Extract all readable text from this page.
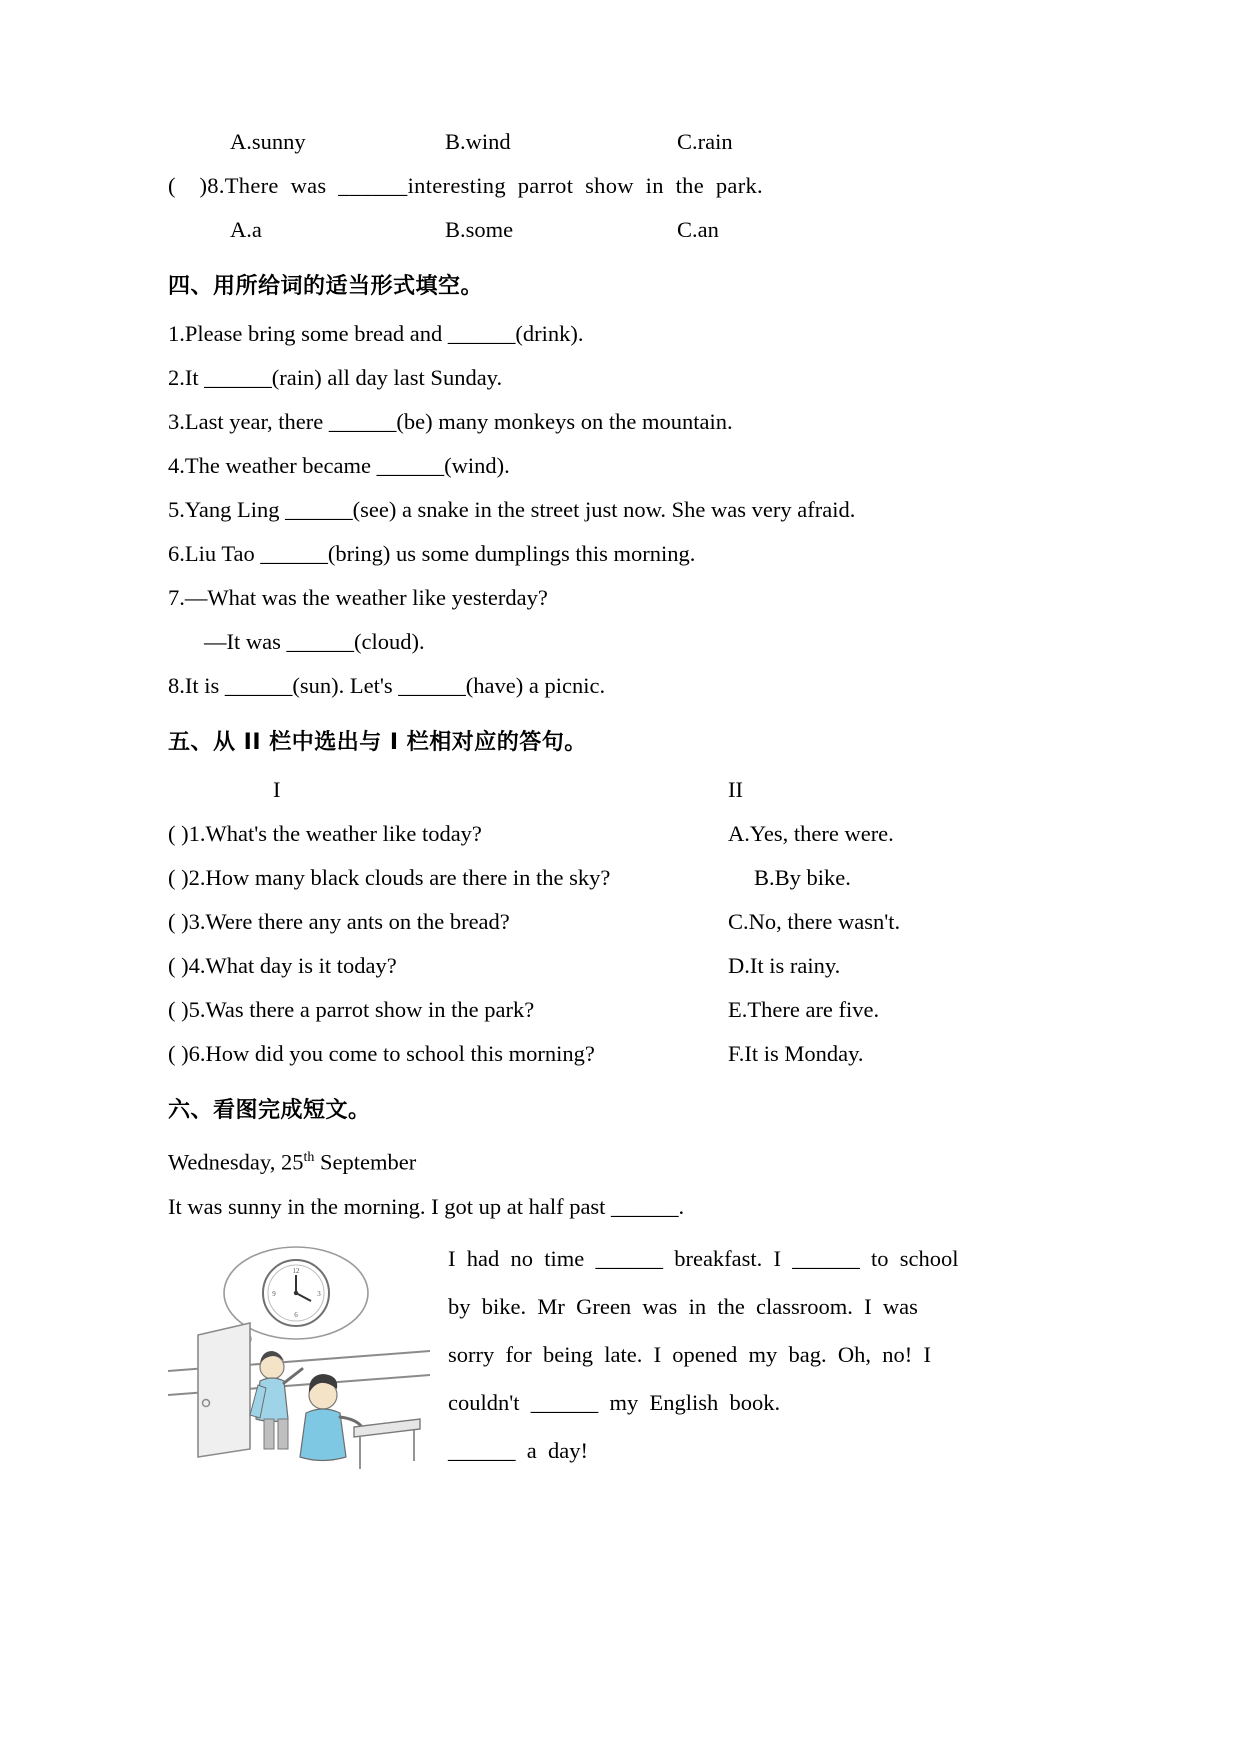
A.sunny	B.wind	C.rain
(    )8.There  was  ______interesting  parrot  show  in  the  park.
A.a	B.some	C.an
四、用所给词的适当形式填空。
1.Please bring some bread and ______(drink).
2.It ______(rain) all day last Sunday.
3.Last year, there ______(be) many monkeys on the mountain.
4.The weather became ______(wind).
5.Yang Ling ______(see) a snake in the street just now. She was very afraid.
6.Liu Tao ______(bring) us some dumplings this morning.
7.—What was the weather like yesterday?
—It was ______(cloud).
8.It is ______(sun). Let's ______(have) a picnic.
五、从 II 栏中选出与 I 栏相对应的答句。
I	II
( )1.What's the weather like today?	A.Yes, there were.
( )2.How many black clouds are there in the sky?	B.By bike.
( )3.Were there any ants on the bread?	C.No, there wasn't.
( )4.What day is it today?	D.It is rainy.
( )5.Was there a parrot show in the park?	E.There are five.
( )6.How did you come to school this morning?	F.It is Monday.
六、看图完成短文。
Wednesday, 25th September
It was sunny in the morning. I got up at half past ______.
12
3
6
9
I  had  no  time  ______  breakfast.  I  ______  to  school
by  bike.  Mr  Green  was  in  the  classroom.  I  was
sorry  for  being  late.  I  opened  my  bag.  Oh,  no!  I
couldn't  ______  my  English  book.
______  a  day!
